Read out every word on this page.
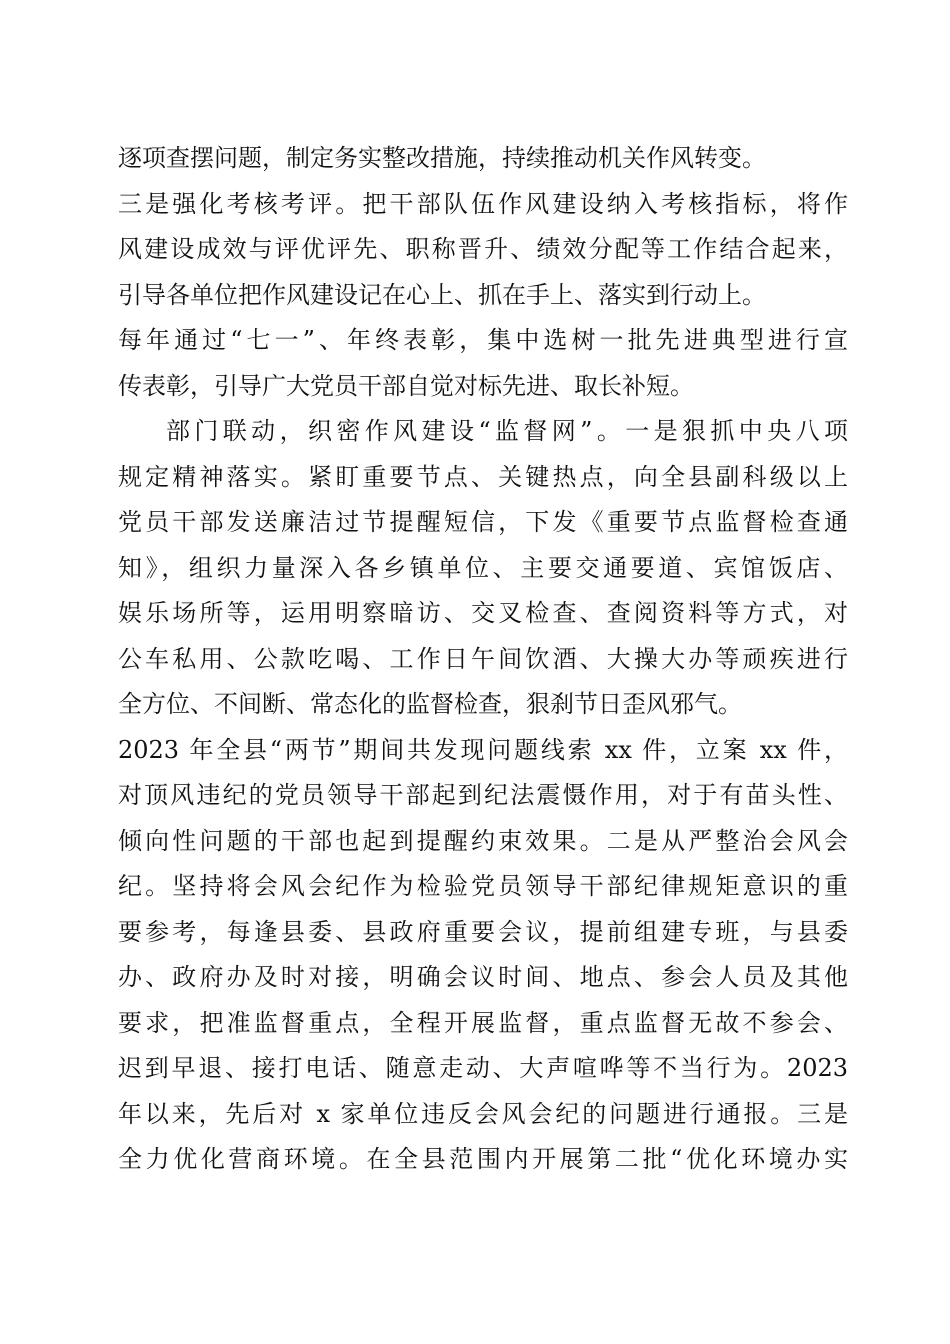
逐项查摆问题，制定务实整改措施，持续推动机关作风转变。
三是强化考核考评。把干部队伍作风建设纳入考核指标，将作
风建设成效与评优评先、职称晋升、绩效分配等工作结合起来，
引导各单位把作风建设记在心上、抓在手上、落实到行动上。
每年通过“七一”、年终表彰，集中选树一批先进典型进行宣
传表彰，引导广大党员干部自觉对标先进、取长补短。
部门联动，织密作风建设“监督网”。一是狠抓中央八项
规定精神落实。紧盯重要节点、关键热点，向全县副科级以上
党员干部发送廉洁过节提醒短信，下发《重要节点监督检查通
知》，组织力量深入各乡镇单位、主要交通要道、宾馆饭店、
娱乐场所等，运用明察暗访、交叉检查、查阅资料等方式，对
公车私用、公款吃喝、工作日午间饮酒、大操大办等顽疾进行
全方位、不间断、常态化的监督检查，狠刹节日歪风邪气。
2023 年全县“两节”期间共发现问题线索 xx 件，立案 xx 件，
对顶风违纪的党员领导干部起到纪法震慑作用，对于有苗头性、
倾向性问题的干部也起到提醒约束效果。二是从严整治会风会
纪。坚持将会风会纪作为检验党员领导干部纪律规矩意识的重
要参考，每逢县委、县政府重要会议，提前组建专班，与县委
办、政府办及时对接，明确会议时间、地点、参会人员及其他
要求，把准监督重点，全程开展监督，重点监督无故不参会、
迟到早退、接打电话、随意走动、大声喧哗等不当行为。2023
年以来，先后对 x 家单位违反会风会纪的问题进行通报。三是
全力优化营商环境。在全县范围内开展第二批“优化环境办实
